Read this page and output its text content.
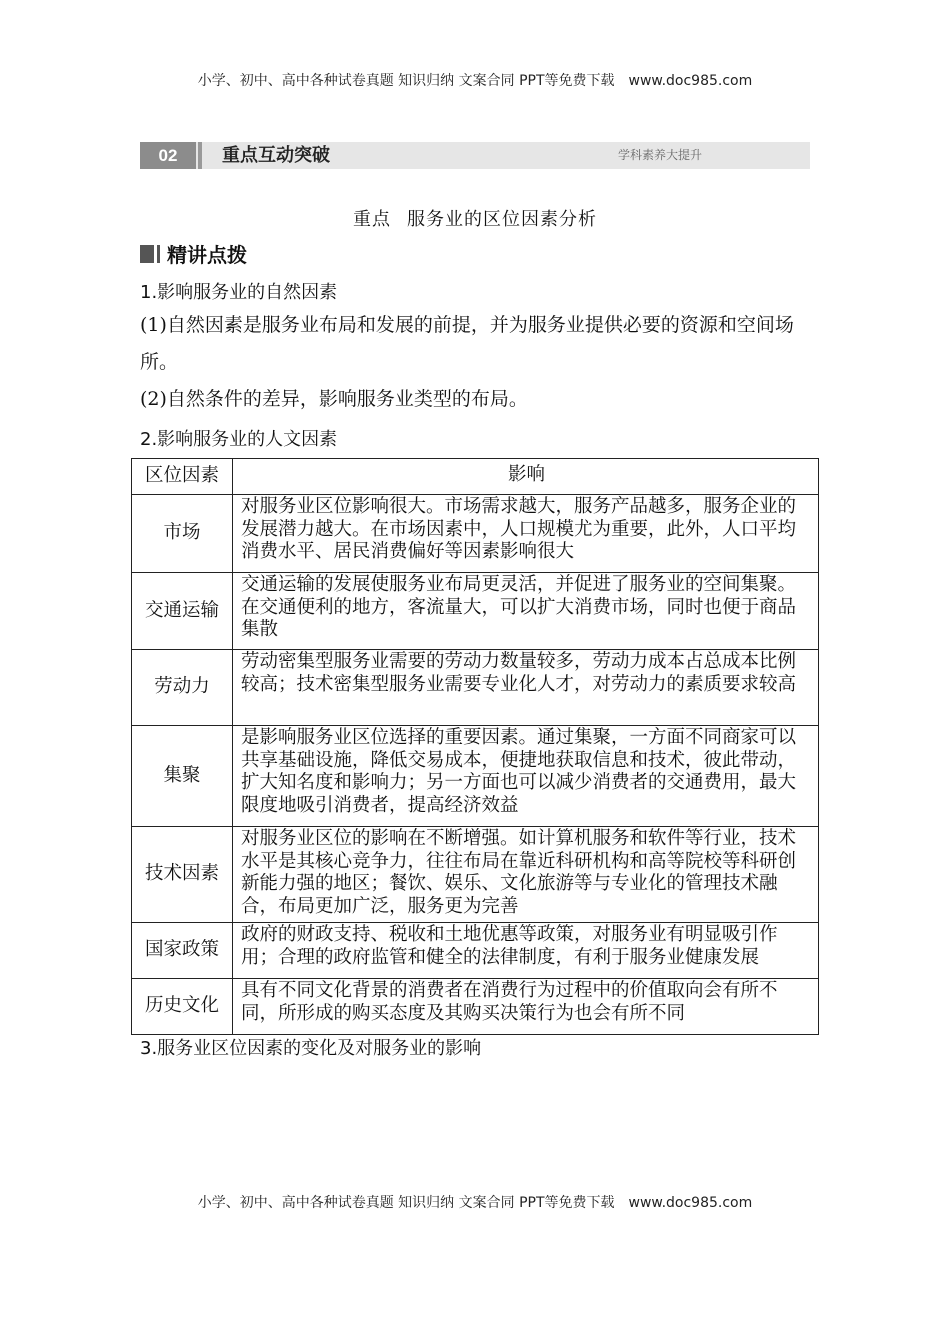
小学、初中、高中各种试卷真题 知识归纳 文案合同 PPT等免费下载　www.doc985.com
02	重点互动突破	学科素养大提升
重点 服务业的区位因素分析
精讲点拨
1.影响服务业的自然因素
(1)自然因素是服务业布局和发展的前提，并为服务业提供必要的资源和空间场所。
(2)自然条件的差异，影响服务业类型的布局。
2.影响服务业的人文因素
区位因素	影响
市场	对服务业区位影响很大。市场需求越大，服务产品越多，服务企业的发展潜力越大。在市场因素中，人口规模尤为重要，此外，人口平均消费水平、居民消费偏好等因素影响很大
交通运输	交通运输的发展使服务业布局更灵活，并促进了服务业的空间集聚。在交通便利的地方，客流量大，可以扩大消费市场，同时也便于商品集散
劳动力	劳动密集型服务业需要的劳动力数量较多，劳动力成本占总成本比例较高；技术密集型服务业需要专业化人才，对劳动力的素质要求较高
集聚	是影响服务业区位选择的重要因素。通过集聚，一方面不同商家可以共享基础设施，降低交易成本，便捷地获取信息和技术，彼此带动，扩大知名度和影响力；另一方面也可以减少消费者的交通费用，最大限度地吸引消费者，提高经济效益
技术因素	对服务业区位的影响在不断增强。如计算机服务和软件等行业，技术水平是其核心竞争力，往往布局在靠近科研机构和高等院校等科研创新能力强的地区；餐饮、娱乐、文化旅游等与专业化的管理技术融合，布局更加广泛，服务更为完善
国家政策	政府的财政支持、税收和土地优惠等政策，对服务业有明显吸引作用；合理的政府监管和健全的法律制度，有利于服务业健康发展
历史文化	具有不同文化背景的消费者在消费行为过程中的价值取向会有所不同，所形成的购买态度及其购买决策行为也会有所不同
3.服务业区位因素的变化及对服务业的影响
小学、初中、高中各种试卷真题 知识归纳 文案合同 PPT等免费下载　www.doc985.com
